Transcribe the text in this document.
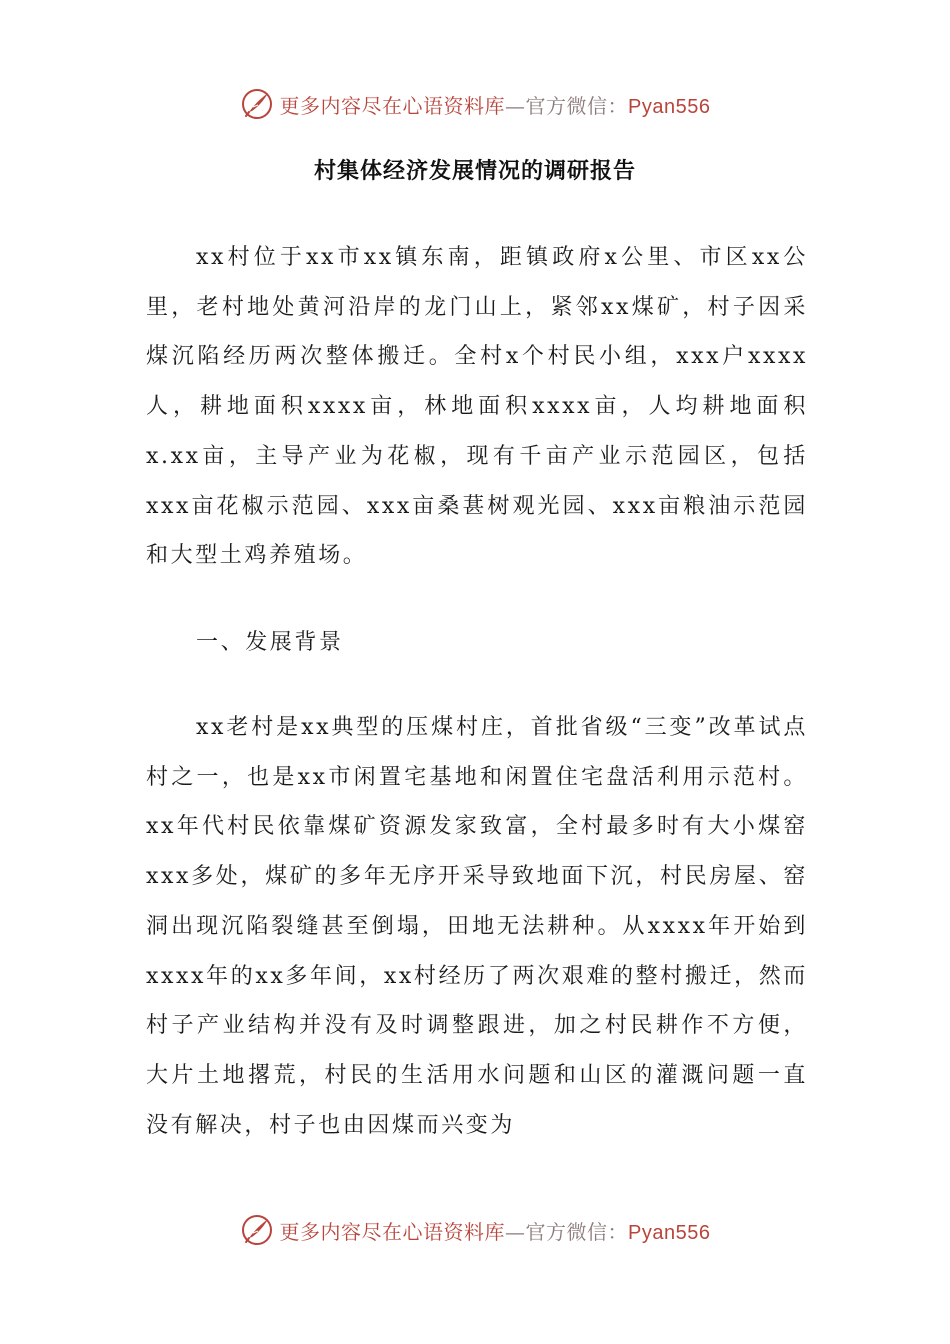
更多内容尽在心语资料库—官方微信：Pyan556
村集体经济发展情况的调研报告

xx村位于xx市xx镇东南，距镇政府x公里、市区xx公里，老村地处黄河沿岸的龙门山上，紧邻xx煤矿，村子因采煤沉陷经历两次整体搬迁。全村x个村民小组，xxx户xxxx人，耕地面积xxxx亩，林地面积xxxx亩，人均耕地面积x.xx亩，主导产业为花椒，现有千亩产业示范园区，包括xxx亩花椒示范园、xxx亩桑葚树观光园、xxx亩粮油示范园和大型土鸡养殖场。

一、发展背景

xx老村是xx典型的压煤村庄，首批省级“三变”改革试点村之一，也是xx市闲置宅基地和闲置住宅盘活利用示范村。xx年代村民依靠煤矿资源发家致富，全村最多时有大小煤窑xxx多处，煤矿的多年无序开采导致地面下沉，村民房屋、窑洞出现沉陷裂缝甚至倒塌，田地无法耕种。从xxxx年开始到xxxx年的xx多年间，xx村经历了两次艰难的整村搬迁，然而村子产业结构并没有及时调整跟进，加之村民耕作不方便，大片土地撂荒，村民的生活用水问题和山区的灌溉问题一直没有解决，村子也由因煤而兴变为

更多内容尽在心语资料库—官方微信：Pyan556
